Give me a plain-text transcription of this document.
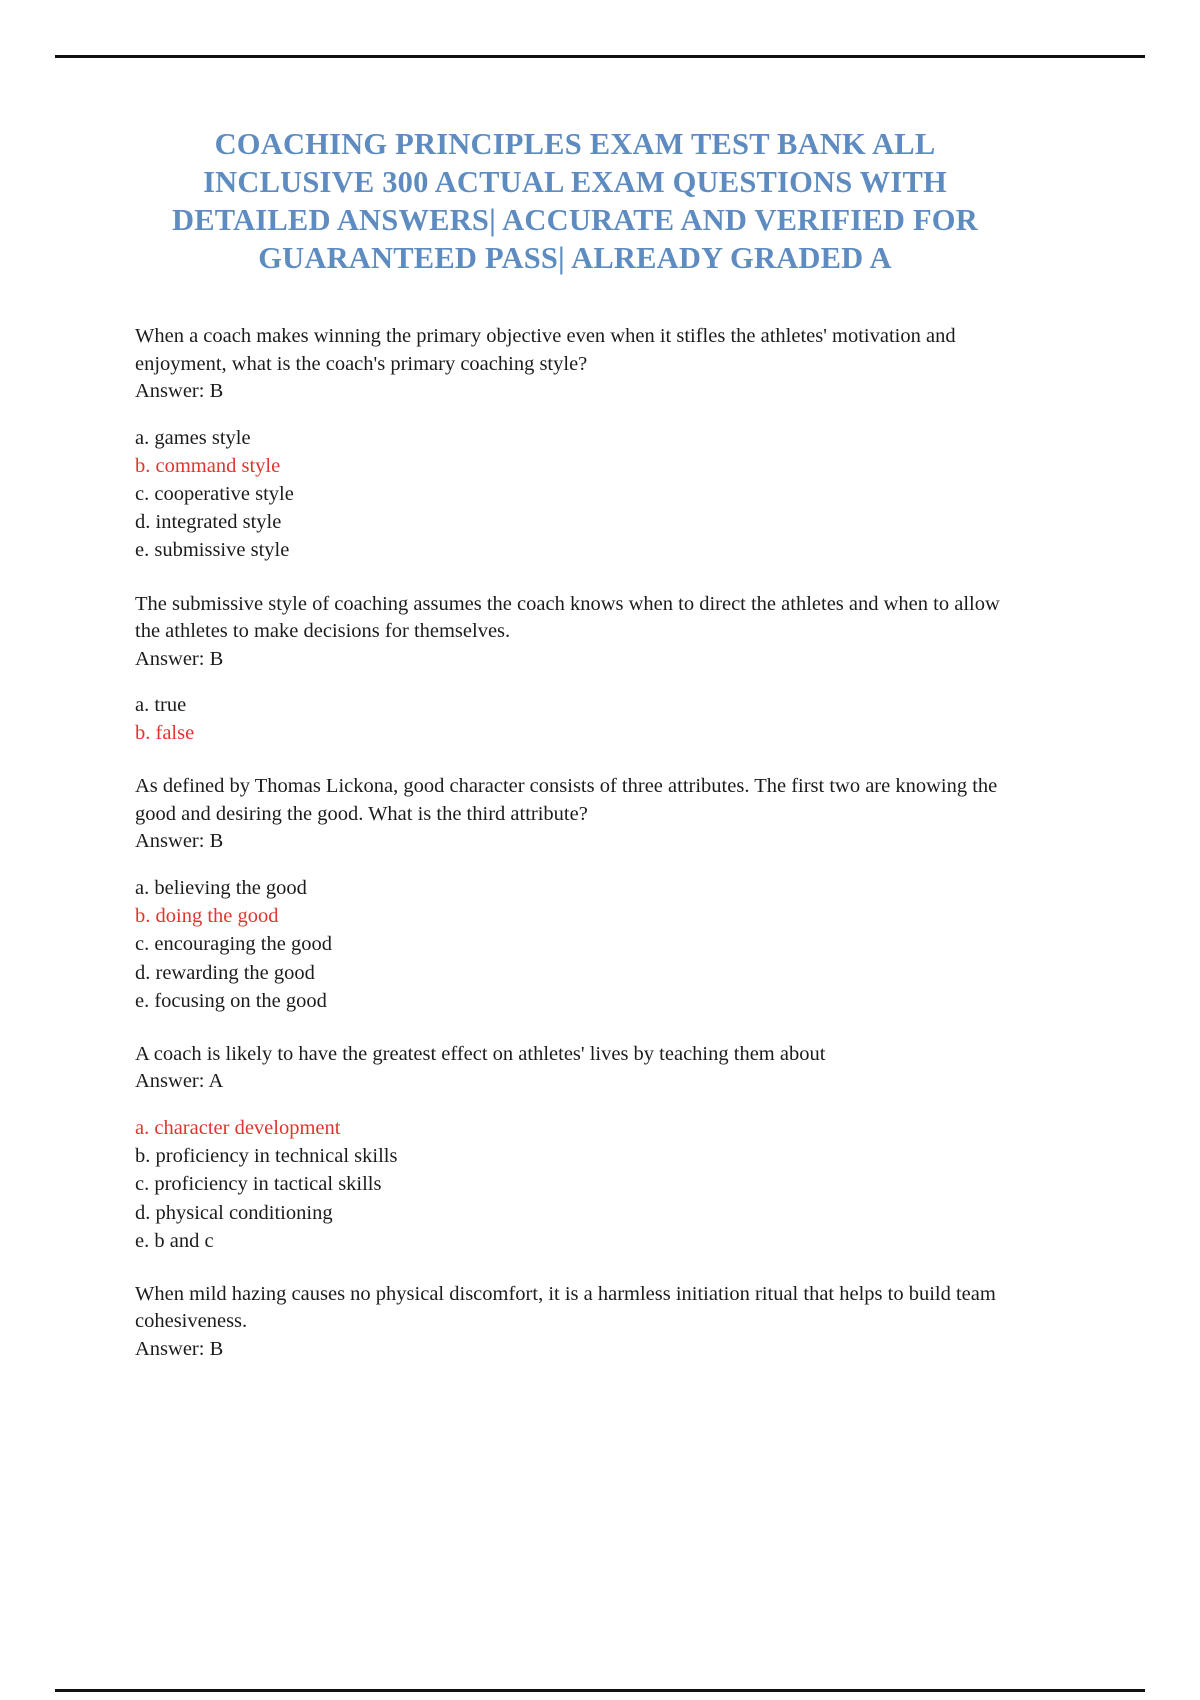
COACHING PRINCIPLES EXAM TEST BANK ALL INCLUSIVE 300 ACTUAL EXAM QUESTIONS WITH DETAILED ANSWERS| ACCURATE AND VERIFIED FOR GUARANTEED PASS| ALREADY GRADED A

When a coach makes winning the primary objective even when it stifles the athletes' motivation and enjoyment, what is the coach's primary coaching style?

Answer: B

a. games style
b. command style
c. cooperative style
d. integrated style
e. submissive style

The submissive style of coaching assumes the coach knows when to direct the athletes and when to allow the athletes to make decisions for themselves.

Answer: B

a. true
b. false

As defined by Thomas Lickona, good character consists of three attributes. The first two are knowing the good and desiring the good. What is the third attribute?

Answer: B

a. believing the good
b. doing the good
c. encouraging the good
d. rewarding the good
e. focusing on the good

A coach is likely to have the greatest effect on athletes' lives by teaching them about

Answer: A

a. character development
b. proficiency in technical skills
c. proficiency in tactical skills
d. physical conditioning
e. b and c

When mild hazing causes no physical discomfort, it is a harmless initiation ritual that helps to build team cohesiveness.

Answer: B
